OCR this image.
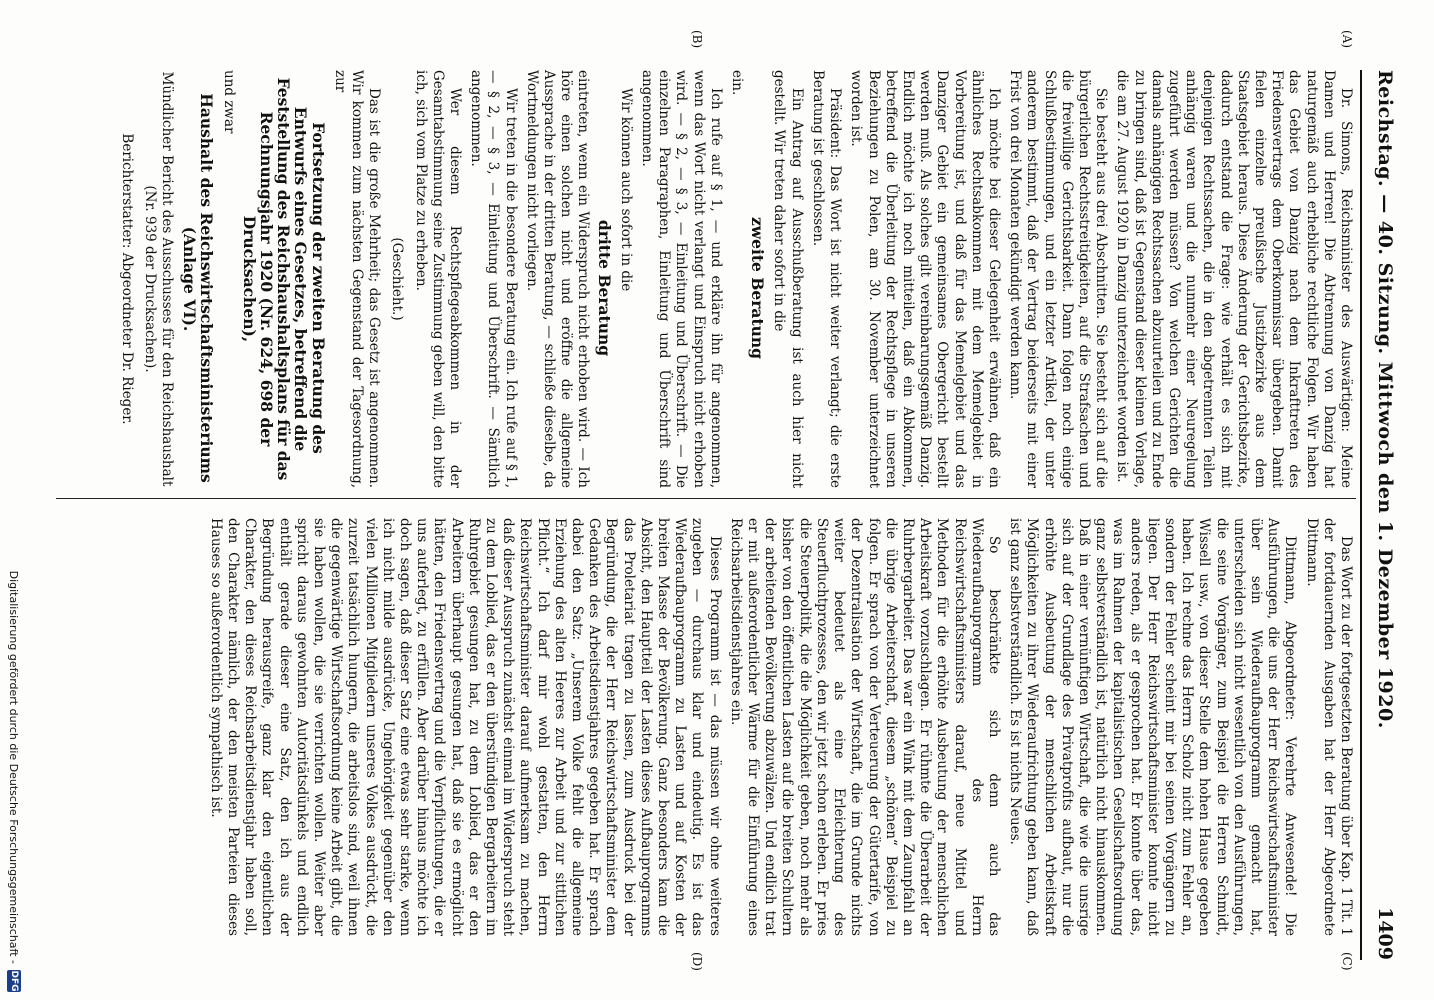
Reichstag. — 40. Sitzung. Mittwoch den 1. Dezember 1920.
1409
(A)
(B)
(C)
(D)

Dr. Simons, Reichsminister des Auswärtigen: Meine Damen und Herren! Die Abtrennung von Danzig hat naturgemäß auch erhebliche rechtliche Folgen. Wir haben das Gebiet von Danzig nach dem Inkrafttreten des Friedensvertrags dem Oberkommissar übergeben. Damit fielen einzelne preußische Justizbezirke aus dem Staatsgebiet heraus. Diese Änderung der Gerichtsbezirke, dadurch entstand die Frage: wie verhält es sich mit denjenigen Rechtssachen, die in den abgetrennten Teilen anhängig waren und die nunmehr einer Neuregelung zugeführt werden müssen? Von welchen Gerichten die damals anhängigen Rechtssachen abzuurteilen und zu Ende zu bringen sind, daß ist Gegenstand dieser kleinen Vorlage, die am 27. August 1920 in Danzig unterzeichnet worden ist.

Sie besteht aus drei Abschnitten. Sie besteht sich auf die bürgerlichen Rechtsstreitigkeiten, auf die Strafsachen und die freiwillige Gerichtsbarkeit. Dann folgen noch einige Schlußbestimmungen, und ein letzter Artikel, der unter anderem bestimmt, daß der Vertrag beiderseits mit einer Frist von drei Monaten gekündigt werden kann.

Ich möchte bei dieser Gelegenheit erwähnen, daß ein ähnliches Rechtsabkommen mit dem Memelgebiet in Vorbereitung ist, und daß für das Memelgebiet und das Danziger Gebiet ein gemeinsames Obergericht bestellt werden muß. Als solches gilt vereinbarungsgemäß Danzig. Endlich möchte ich noch mitteilen, daß ein Abkommen, betreffend die Überleitung der Rechtspflege in unseren Beziehungen zu Polen, am 30. November unterzeichnet worden ist.

Präsident: Das Wort ist nicht weiter verlangt; die erste Beratung ist geschlossen.

Ein Antrag auf Ausschußberatung ist auch hier nicht gestellt. Wir treten daher sofort in die

zweite Beratung

ein.

Ich rufe auf § 1, — und erkläre ihn für angenommen, wenn das Wort nicht verlangt und Einspruch nicht erhoben wird. — § 2, — § 3, — Einleitung und Überschrift. — Die einzelnen Paragraphen, Einleitung und Überschrift sind angenommen.

Wir können auch sofort in die

dritte Beratung

eintreten, wenn ein Widerspruch nicht erhoben wird. — Ich höre einen solchen nicht und eröffne die allgemeine Aussprache in der dritten Beratung, — schließe dieselbe, da Wortmeldungen nicht vorliegen.

Wir treten in die besondere Beratung ein. Ich rufe auf § 1, — § 2, — § 3, — Einleitung und Überschrift. — Sämtlich angenommen.

Wer diesem Rechtspflegeabkommen in der Gesamtabstimmung seine Zustimmung geben will, den bitte ich, sich vom Platze zu erheben.

(Geschieht.)

Das ist die große Mehrheit; das Gesetz ist angenommen. Wir kommen zum nächsten Gegenstand der Tagesordnung, zur

Fortsetzung der zweiten Beratung des Entwurfs eines Gesetzes, betreffend die Feststellung des Reichshaushaltsplans für das Rechnungsjahr 1920 (Nr. 624, 698 der Drucksachen),

und zwar

Haushalt des Reichswirtschaftsministeriums (Anlage VI).

Mündlicher Bericht des Ausschusses für den Reichshaushalt (Nr. 939 der Drucksachen).

Berichterstatter: Abgeordneter Dr. Rieger.

Das Wort zu der fortgesetzten Beratung über Kap. 1 Tit. 1 der fortdauernden Ausgaben hat der Herr Abgeordnete Dittmann.

Dittmann, Abgeordneter: Verehrte Anwesende! Die Ausführungen, die uns der Herr Reichswirtschaftsminister über sein Wiederaufbauprogramm gemacht hat, unterscheiden sich nicht wesentlich von den Ausführungen, die seine Vorgänger, zum Beispiel die Herren Schmidt, Wissell usw., von dieser Stelle dem hohen Hause gegeben haben. Ich rechne das Herrn Scholz nicht zum Fehler an, sondern der Fehler scheint mir bei seinen Vorgängern zu liegen. Der Herr Reichswirtschaftsminister konnte nicht anders reden, als er gesprochen hat. Er konnte über das, was im Rahmen der kapitalistischen Gesellschaftsordnung ganz selbstverständlich ist, natürlich nicht hinauskommen. Daß in einer vernünftigen Wirtschaft, die wie die unsrige sich auf der Grundlage des Privatprofits aufbaut, nur die erhöhte Ausbeutung der menschlichen Arbeitskraft Möglichkeiten zu ihrer Wiederaufrichtung geben kann, daß ist ganz selbstverständlich. Es ist nichts Neues.

So beschränkte sich denn auch das Wiederaufbauprogramm des Herrn Reichswirtschaftsministers darauf, neue Mittel und Methoden für die erhöhte Ausbeutung der menschlichen Arbeitskraft vorzuschlagen. Er rühmte die Überarbeit der Ruhrbergarbeiter. Das war ein Wink mit dem Zaunpfahl an die übrige Arbeiterschaft, diesem „schönen“ Beispiel zu folgen. Er sprach von der Verteuerung der Gütertarife, von der Dezentralisation der Wirtschaft, die im Grunde nichts weiter bedeutet als eine Erleichterung des Steuerfluchtprozesses, den wir jetzt schon erleben. Er pries die Steuerpolitik, die die Möglichkeit geben, noch mehr als bisher von den öffentlichen Lasten auf die breiten Schultern der arbeitenden Bevölkerung abzuwälzen. Und endlich trat er mit außerordentlicher Wärme für die Einführung eines Reichsarbeitsdienstjahres ein.

Dieses Programm ist — das müssen wir ohne weiteres zugeben — durchaus klar und eindeutig. Es ist das Wiederaufbauprogramm zu Lasten und auf Kosten der breiten Masse der Bevölkerung. Ganz besonders kam die Absicht, den Hauptteil der Lasten dieses Aufbauprogramms das Proletariat tragen zu lassen, zum Ausdruck bei der Begründung, die der Herr Reichswirtschaftsminister dem Gedanken des Arbeitsdienstjahres gegeben hat. Er sprach dabei den Satz: „Unserem Volke fehlt die allgemeine Erziehung des alten Heeres zur Arbeit und zur sittlichen Pflicht.“ Ich darf mir wohl gestatten, den Herrn Reichswirtschaftsminister darauf aufmerksam zu machen, daß dieser Ausspruch zunächst einmal im Widerspruch steht zu dem Loblied, das er den überstündigen Bergarbeitern im Ruhrgebiet gesungen hat, zu dem Loblied, das er den Arbeitern überhaupt gesungen hat, daß sie es ermöglicht hätten, den Friedensvertrag und die Verpflichtungen, die er uns auferlegt, zu erfüllen. Aber darüber hinaus möchte ich doch sagen, daß dieser Satz eine etwas sehr starke, wenn ich nicht milde ausdrücke, Ungehörigkeit gegenüber den vielen Millionen Mitgliedern unseres Volkes ausdrückt, die zurzeit tatsächlich hungern, die arbeitslos sind, weil ihnen die gegenwärtige Wirtschaftsordnung keine Arbeit gibt, die sie haben wollen, die sie verrichten wollen. Weiter aber spricht daraus gewohnten Autoritätsdünkels und endlich enthält gerade dieser eine Satz, den ich aus der Begründung herausgreife, ganz klar den eigentlichen Charakter, den dieses Reichsarbeitsdienstjahr haben soll, den Charakter nämlich, der den meisten Parteien dieses Hauses so außerordentlich sympathisch ist.

Digitalisierung gefördert durch die Deutsche Forschungsgemeinschaft -
DFG
